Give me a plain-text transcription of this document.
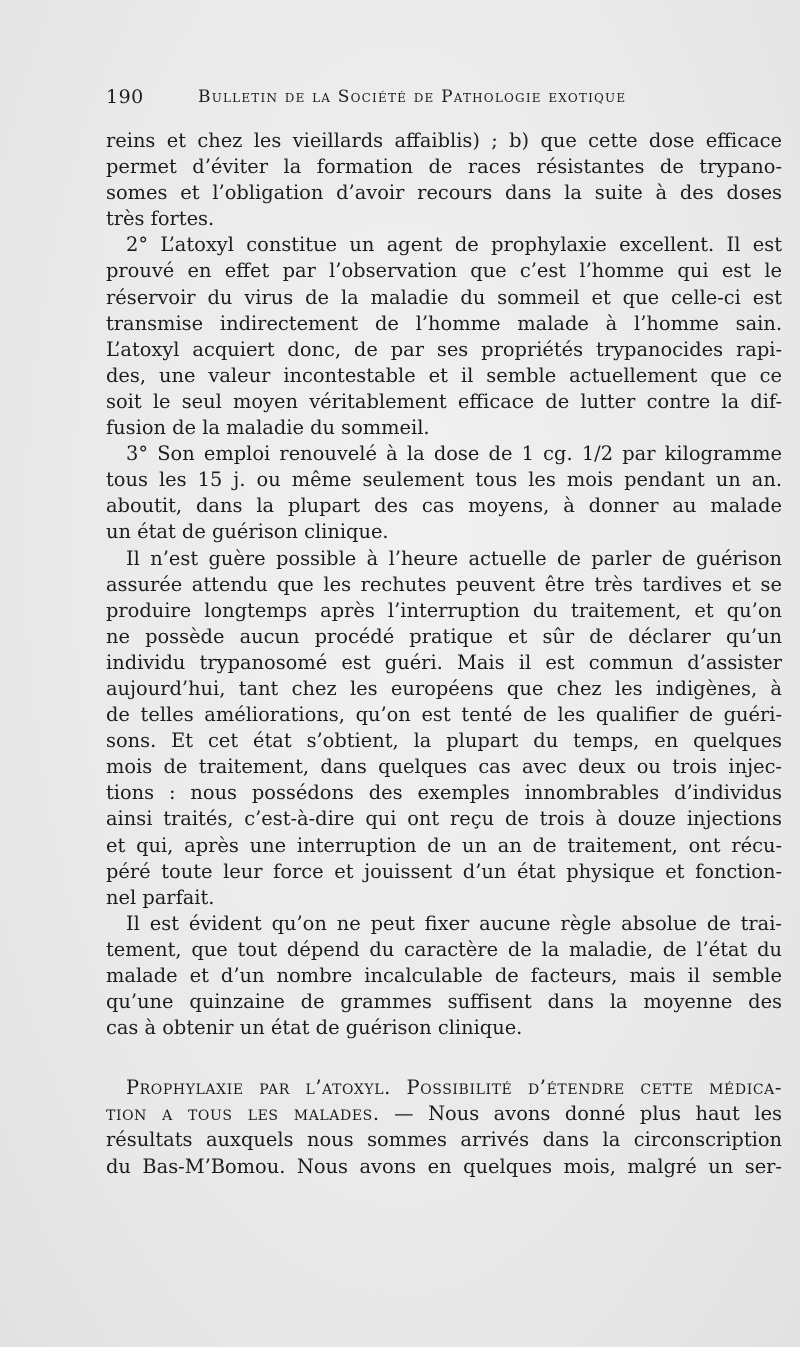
190	Bulletin de la Société de Pathologie exotique
reins et chez les vieillards affaiblis) ; b) que cette dose efficace
permet d’éviter la formation de races résistantes de trypano-
somes et l’obligation d’avoir recours dans la suite à des doses
très fortes.
2° L’atoxyl constitue un agent de prophylaxie excellent. Il est
prouvé en effet par l’observation que c’est l’homme qui est le
réservoir du virus de la maladie du sommeil et que celle-ci est
transmise indirectement de l’homme malade à l’homme sain.
L’atoxyl acquiert donc, de par ses propriétés trypanocides rapi-
des, une valeur incontestable et il semble actuellement que ce
soit le seul moyen véritablement efficace de lutter contre la dif-
fusion de la maladie du sommeil.
3° Son emploi renouvelé à la dose de 1 cg. 1/2 par kilogramme
tous les 15 j. ou même seulement tous les mois pendant un an.
aboutit, dans la plupart des cas moyens, à donner au malade
un état de guérison clinique.
Il n’est guère possible à l’heure actuelle de parler de guérison
assurée attendu que les rechutes peuvent être très tardives et se
produire longtemps après l’interruption du traitement, et qu’on
ne possède aucun procédé pratique et sûr de déclarer qu’un
individu trypanosomé est guéri. Mais il est commun d’assister
aujourd’hui, tant chez les européens que chez les indigènes, à
de telles améliorations, qu’on est tenté de les qualifier de guéri-
sons. Et cet état s’obtient, la plupart du temps, en quelques
mois de traitement, dans quelques cas avec deux ou trois injec-
tions : nous possédons des exemples innombrables d’individus
ainsi traités, c’est-à-dire qui ont reçu de trois à douze injections
et qui, après une interruption de un an de traitement, ont récu-
péré toute leur force et jouissent d’un état physique et fonction-
nel parfait.
Il est évident qu’on ne peut fixer aucune règle absolue de trai-
tement, que tout dépend du caractère de la maladie, de l’état du
malade et d’un nombre incalculable de facteurs, mais il semble
qu’une quinzaine de grammes suffisent dans la moyenne des
cas à obtenir un état de guérison clinique.
Prophylaxie par l’atoxyl. Possibilité d’étendre cette médica-
tion a tous les malades. — Nous avons donné plus haut les
résultats auxquels nous sommes arrivés dans la circonscription
du Bas-M’Bomou. Nous avons en quelques mois, malgré un ser-
